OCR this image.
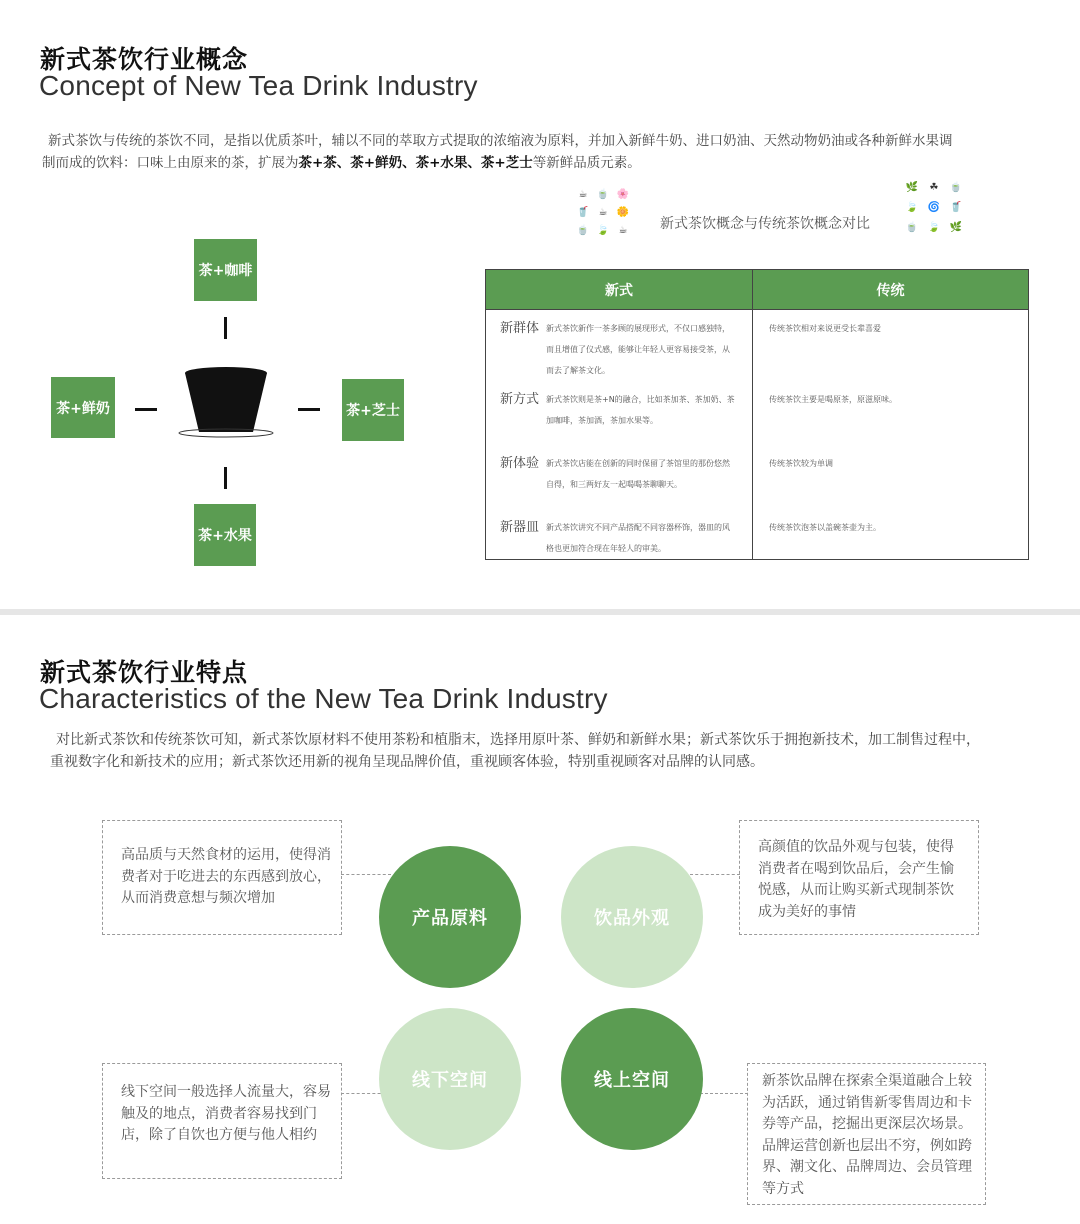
新式茶饮行业概念
Concept of New Tea Drink Industry
新式茶饮与传统的茶饮不同，是指以优质茶叶，辅以不同的萃取方式提取的浓缩液为原料，并加入新鲜牛奶、进口奶油、天然动物奶油或各种新鲜水果调
制而成的饮料：口味上由原来的茶，扩展为茶+茶、茶+鲜奶、茶+水果、茶+芝士等新鲜品质元素。
茶+咖啡
茶+鲜奶	茶+芝士
茶+水果
☕ 🍵 🌸
🥤 ☕ 🌼
🍵 🍃 ☕ 新式茶饮概念与传统茶饮概念对比
🌿	☘	🍵
🍃 🌀 🥤
🍵 🍃 🌿
新式	传统
新群体 新式茶饮新作一茶多顾的展现形式，不仅口感独特，而且增值了仪式感，能够让年轻人更容易接受茶，从而去了解茶文化。	传统茶饮相对来说更受长辈喜爱
新方式 新式茶饮则是茶+N的融合，比如茶加茶、茶加奶、茶加咖啡，茶加酒，茶加水果等。	传统茶饮主要是喝原茶，原滋原味。
新体验 新式茶饮店能在创新的同时保留了茶馆里的那份悠然自得，和三两好友一起喝喝茶聊聊天。	传统茶饮较为单调
新器皿 新式茶饮讲究不同产品搭配不同容器杯饰，器皿的风格也更加符合现在年轻人的审美。	传统茶饮泡茶以盖碗茶壶为主。
新式茶饮行业特点
Characteristics of the New Tea Drink Industry
对比新式茶饮和传统茶饮可知，新式茶饮原材料不使用茶粉和植脂末，选择用原叶茶、鲜奶和新鲜水果；新式茶饮乐于拥抱新技术，加工制售过程中，
重视数字化和新技术的应用；新式茶饮还用新的视角呈现品牌价值，重视顾客体验，特别重视顾客对品牌的认同感。
高品质与天然食材的运用，使得消费者对于吃进去的东西感到放心，从而消费意想与频次增加
高颜值的饮品外观与包装，使得消费者在喝到饮品后，会产生愉悦感，从而让购买新式现制茶饮成为美好的事情
线下空间一般选择人流量大，容易触及的地点，消费者容易找到门店，除了自饮也方便与他人相约
新茶饮品牌在探索全渠道融合上较为活跃，通过销售新零售周边和卡券等产品，挖掘出更深层次场景。品牌运营创新也层出不穷，例如跨界、潮文化、品牌周边、会员管理等方式
产品原料	饮品外观
线下空间	线上空间
